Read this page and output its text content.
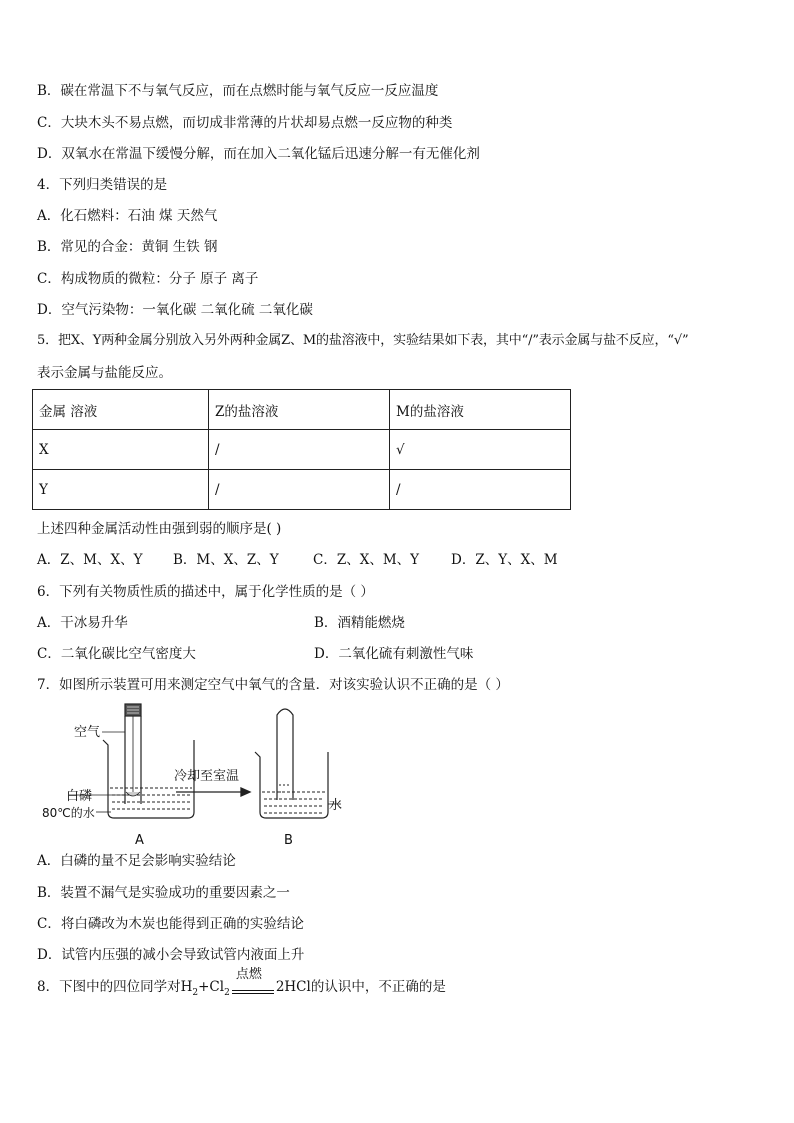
B．碳在常温下不与氧气反应，而在点燃时能与氧气反应一反应温度
C．大块木头不易点燃，而切成非常薄的片状却易点燃一反应物的种类
D．双氧水在常温下缓慢分解，而在加入二氧化锰后迅速分解一有无催化剂
4．下列归类错误的是
A．化石燃料：石油 煤 天然气
B．常见的合金：黄铜 生铁 钢
C．构成物质的微粒：分子 原子 离子
D．空气污染物：一氧化碳 二氧化硫 二氧化碳
5．把X、Y两种金属分别放入另外两种金属Z、M的盐溶液中，实验结果如下表，其中“/”表示金属与盐不反应，“√”
表示金属与盐能反应。
金属 溶液	Z的盐溶液	M的盐溶液
X	/	√
Y	/	/
上述四种金属活动性由强到弱的顺序是( )
A．Z、M、X、Y B．M、X、Z、Y	C．Z、X、M、Y D．Z、Y、X、M
6．下列有关物质性质的描述中，属于化学性质的是（ ）
A．干冰易升华	B．酒精能燃烧
C．二氧化碳比空气密度大	D．二氧化硫有刺激性气味
7．如图所示装置可用来测定空气中氧气的含量．对该实验认识不正确的是（ ）
空气
白磷
80℃的水
冷却至室温
水
A	B
A．白磷的量不足会影响实验结论
B．装置不漏气是实验成功的重要因素之一
C．将白磷改为木炭也能得到正确的实验结论
D．试管内压强的减小会导致试管内液面上升
8．下图中的四位同学对$H_2+Cl_2$
点燃
2HCl的认识中，不正确的是
